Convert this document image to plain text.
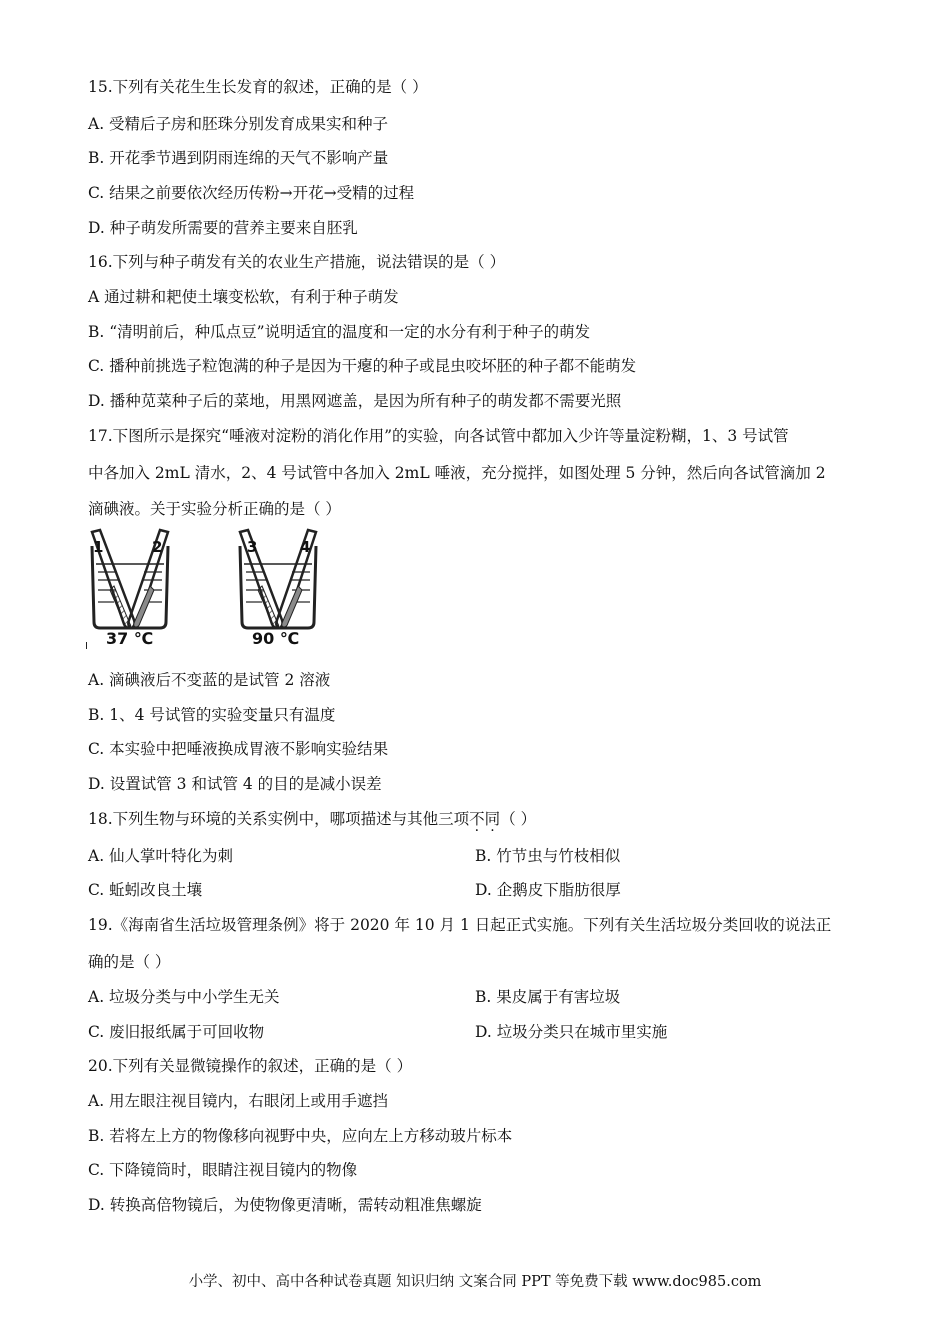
15.下列有关花生生长发育的叙述，正确的是（ ）
A. 受精后子房和胚珠分别发育成果实和种子
B. 开花季节遇到阴雨连绵的天气不影响产量
C. 结果之前要依次经历传粉→开花→受精的过程
D. 种子萌发所需要的营养主要来自胚乳
16.下列与种子萌发有关的农业生产措施，说法错误的是（ ）
A 通过耕和耙使土壤变松软，有利于种子萌发
B. “清明前后，种瓜点豆”说明适宜的温度和一定的水分有利于种子的萌发
C. 播种前挑选子粒饱满的种子是因为干瘪的种子或昆虫咬坏胚的种子都不能萌发
D. 播种苋菜种子后的菜地，用黑网遮盖，是因为所有种子的萌发都不需要光照
17.下图所示是探究“唾液对淀粉的消化作用”的实验，向各试管中都加入少许等量淀粉糊，1、3 号试管
中各加入 2mL 清水，2、4 号试管中各加入 2mL 唾液，充分搅拌，如图处理 5 分钟，然后向各试管滴加 2
滴碘液。关于实验分析正确的是（ ）
1	2	3	4
37 ℃	90 ℃
A. 滴碘液后不变蓝的是试管 2 溶液
B. 1、4 号试管的实验变量只有温度
C. 本实验中把唾液换成胃液不影响实验结果
D. 设置试管 3 和试管 4 的目的是减小误差
18.下列生物与环境的关系实例中，哪项描述与其他三项不同（ ）
A. 仙人掌叶特化为刺	B. 竹节虫与竹枝相似
C. 蚯蚓改良土壤	D. 企鹅皮下脂肪很厚
19.《海南省生活垃圾管理条例》将于 2020 年 10 月 1 日起正式实施。下列有关生活垃圾分类回收的说法正
确的是（ ）
A. 垃圾分类与中小学生无关	B. 果皮属于有害垃圾
C. 废旧报纸属于可回收物	D. 垃圾分类只在城市里实施
20.下列有关显微镜操作的叙述，正确的是（ ）
A. 用左眼注视目镜内，右眼闭上或用手遮挡
B. 若将左上方的物像移向视野中央，应向左上方移动玻片标本
C. 下降镜筒时，眼睛注视目镜内的物像
D. 转换高倍物镜后，为使物像更清晰，需转动粗准焦螺旋
小学、初中、高中各种试卷真题 知识归纳 文案合同 PPT 等免费下载 www.doc985.com
